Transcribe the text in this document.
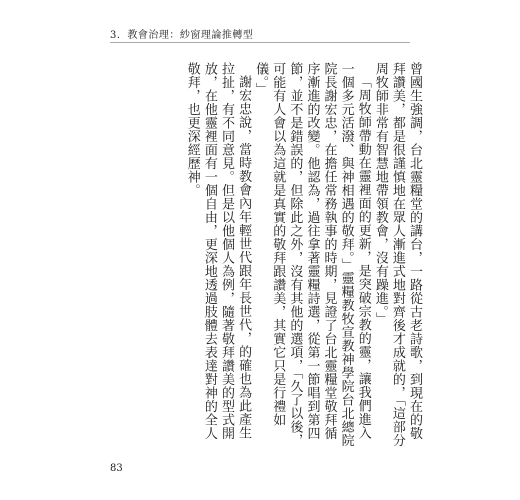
3．教會治理：紗窗理論推轉型

曾國生強調，台北靈糧堂的講台，一路從古老詩歌，到現在的敬拜讚美，都是很謹慎地在眾人漸進式地對齊後才成就的，「這部分周牧師非常有智慧地帶領教會，沒有躁進。」

「周牧師帶動在靈裡面的更新，是突破宗教的靈，讓我們進入一個多元活潑、與神相遇的敬拜。」靈糧教牧宣教神學院台北總院院長謝宏忠，在擔任常務執事的時期，見證了台北靈糧堂敬拜循序漸進的改變。他認為，過往拿著靈糧詩選，從第一節唱到第四節，並不是錯誤的，但除此之外，沒有其他的選項，「久了以後，可能有人會以為這就是真實的敬拜跟讚美，其實它只是行禮如儀。」

謝宏忠說，當時教會內年輕世代跟年長世代，的確也為此產生拉扯，有不同意見。但是以他個人為例，隨著敬拜讚美的型式開放，在他靈裡面有一個自由，更深地透過肢體去表達對神的全人敬拜，也更深經歷神。

83
